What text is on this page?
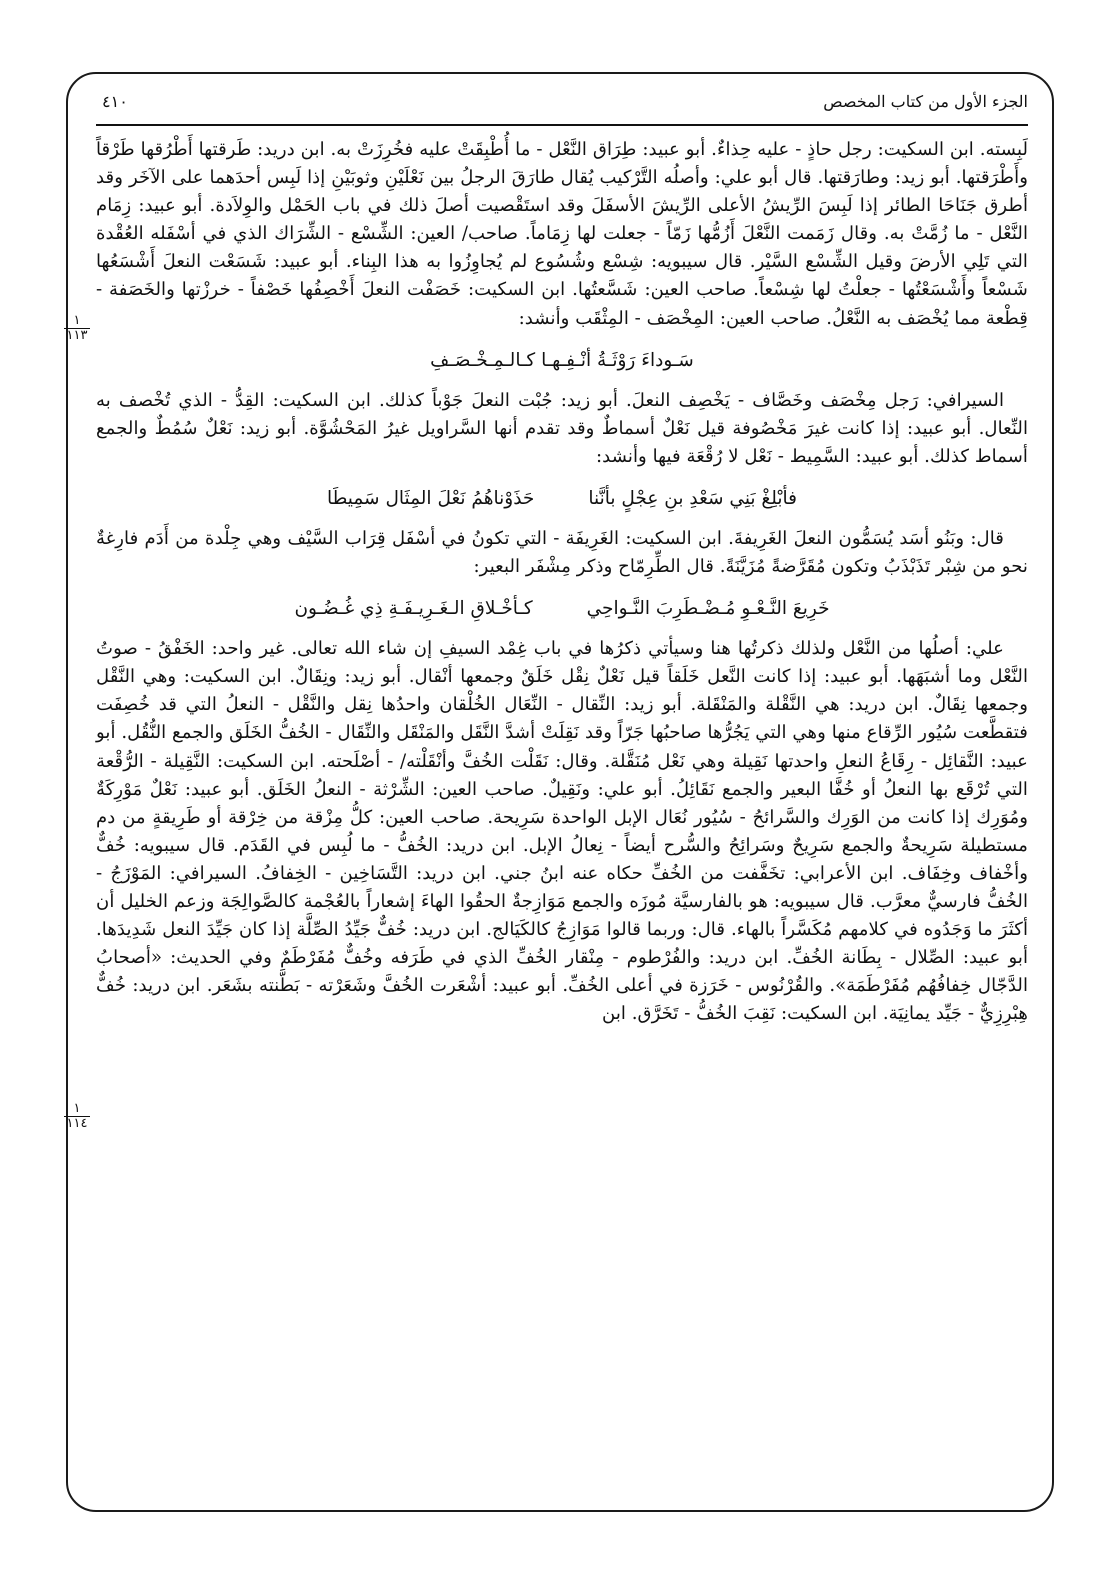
الجزء الأول من كتاب المخصص
٤١٠
١
١١٣
١
١١٤

لَبِسته. ابن السكيت: رجل حاذٍ - عليه حِذاءٌ. أبو عبيد: طِرَاق النَّعْل - ما أُطْبِقَتْ عليه فخُرِزَتْ به. ابن دريد: طَرقتها أَطْرُقها طَرْقاً وأَطْرَقتها. أبو زيد: وطارَقتها. قال أبو علي: وأصلُه التَّرْكيب يُقال طارَقَ الرجلُ بين نَعْلَيْنِ وثوبَيْنِ إذا لَبِس أحدَهما على الآخَر وقد أطرق جَنَاحَا الطائر إذا لَبِسَ الرِّيشُ الأعلى الرِّيشَ الأسفَلَ وقد استَقْصيت أصلَ ذلك في باب الحَمْل والوِلاَدة. أبو عبيد: زِمَام النَّعْل - ما زُمَّتْ به. وقال زَمَمت النَّعْلَ أَزُمُّها زَمّاً - جعلت لها زِمَاماً. صاحب/ العين: الشِّسْع - الشِّرَاك الذي في أسْفَله العُقْدة التي تَلِي الأرضَ وقيل الشِّسْع السَّيْر. قال سيبويه: شِسْع وشُسُوع لم يُجاوِزُوا به هذا البِناء. أبو عبيد: شَسَعْت النعلَ أَشْسَعُها شَسْعاً وأَشْسَعْتُها - جعلْتُ لها شِسْعاً. صاحب العين: شَسَّعتُها. ابن السكيت: خَصَفْت النعلَ أَخْصِفُها خَصْفاً - خرزْتها والخَصَفة - قِطْعة مما يُخْصَف به النَّعْلُ. صاحب العين: المِخْصَف - المِثْقَب وأنشد:

سَـوداءَ رَوْثَـةُ أنْـفِـهـا كـالـمِـخْـصَـفِ

السيرافي: رَجل مِخْصَف وخَصَّاف - يَخْصِف النعلَ. أبو زيد: جُبْت النعلَ جَوْباً كذلك. ابن السكيت: القِدُّ - الذي تُخْصف به النِّعال. أبو عبيد: إذا كانت غيرَ مَخْصُوفة قيل نَعْلٌ أسماطٌ وقد تقدم أنها السَّراويل غيرُ المَحْشُوَّة. أبو زيد: نَعْلٌ سُمُطٌ والجمع أسماط كذلك. أبو عبيد: السَّمِيط - نَعْل لا رُقْعَة فيها وأنشد:

فأبْلِغْ بَنِي سَعْدِ بنِ عِجْلٍ بأنَّناحَذَوْناهُمُ نَعْلَ المِثَال سَمِيطَا

قال: وبَنُو أسَد يُسَمُّون النعلَ الغَرِيفةَ. ابن السكيت: الغَرِيفَة - التي تكونُ في أسْفَل قِرَاب السَّيْف وهي جِلْدة من أَدَم فارِغةٌ نحو من شِبْر تَذَبْذَبُ وتكون مُقَرَّضةً مُزَيَّنَةً. قال الطِّرِمّاح وذكر مِشْفَر البعير:

خَرِيعَ النَّـعْـوِ مُـضْـطَرِبَ النَّـواحِيكـأخْـلاقِ الـغَـرِيـفَـةِ ذِي غُـضُـون

علي: أصلُها من النَّعْل ولذلك ذكرتُها هنا وسيأتي ذكرُها في باب غِمْد السيفِ إن شاء الله تعالى. غير واحد: الخَفْقُ - صوتُ النَّعْل وما أشبَهَها. أبو عبيد: إذا كانت النَّعل خَلَقاً قيل نَعْلٌ نِقْل خَلَقٌ وجمعها أنْقال. أبو زيد: ونِقَالٌ. ابن السكيت: وهي النَّقْل وجمعها نِقَالٌ. ابن دريد: هي النَّقْلة والمَنْقَلة. أبو زيد: النِّقال - النِّعَال الخُلْقان واحدُها نِقل والنَّقْل - النعلُ التي قد خُصِفَت فتقطَّعت سُيُور الرِّقاع منها وهي التي يَجُرُّها صاحبُها جَرّاً وقد نَقِلَتْ أشدَّ النَّقَل والمَنْقَل والنِّقَال - الخُفُّ الخَلَق والجمع النُّقُل. أبو عبيد: النَّقائِل - رِقَاعُ النعلِ واحدتها نَقِيلة وهي نَعْل مُنَقَّلة. وقال: نَقَلْت الخُفَّ وأنْقَلْته/ - أصْلَحته. ابن السكيت: النَّقِيلة - الرُّقْعة التي تُرْقَع بها النعلُ أو خُفَّا البعير والجمع نَقَائِلُ. أبو علي: ونَقِيلٌ. صاحب العين: الشِّرْثة - النعلُ الخَلَق. أبو عبيد: نَعْلٌ مَوْرِكَةٌ ومُوَرِك إذا كانت من الوَرِك والسَّرائحُ - سُيُور نُعَال الإبل الواحدة سَرِيحة. صاحب العين: كلُّ مِزْقة من خِرْقة أو طَرِيقةٍ من دم مستطيلة سَرِيحةٌ والجمع سَرِيحٌ وسَرائِحُ والسُّرح أيضاً - نِعالُ الإبل. ابن دريد: الخُفُّ - ما لُبِس في القَدَم. قال سيبويه: خُفٌّ وأخْفاف وخِفَاف. ابن الأعرابي: تخَفَّفت من الخُفِّ حكاه عنه ابنُ جني. ابن دريد: التَّسَاخِين - الخِفافُ. السيرافي: المَوْزَجُ - الخُفُّ فارسيٌّ معرَّب. قال سيبويه: هو بالفارسيَّة مُوزَه والجمع مَوَازِجةٌ الحقُوا الهاءَ إشعاراً بالعُجْمة كالصَّوالِجَة وزعم الخليل أن أكثَرَ ما وَجَدُوه في كلامهم مُكَسَّراً بالهاء. قال: وربما قالوا مَوَازِجُ كالكَيَالج. ابن دريد: خُفٌّ جَيِّدُ الصِّلَّة إذا كان جَيِّدَ النعل شَدِيدَها. أبو عبيد: الصِّلال - بِطَانة الخُفِّ. ابن دريد: والفُرْطوم - مِنْقار الخُفِّ الذي في طَرَفه وخُفٌّ مُفَرْطَمٌ وفي الحديث: «أصحابُ الدَّجّال خِفافُهُم مُفَرْطَمَة». والقُرْنُوس - خَرَزة في أعلى الخُفِّ. أبو عبيد: أشْعَرت الخُفَّ وشَعَرْته - بَطَّنته بشَعَر. ابن دريد: خُفٌّ هِبْرِزِيٌّ - جَيِّد يمانِيَة. ابن السكيت: نَقِبَ الخُفُّ - تَخَرَّق. ابن
